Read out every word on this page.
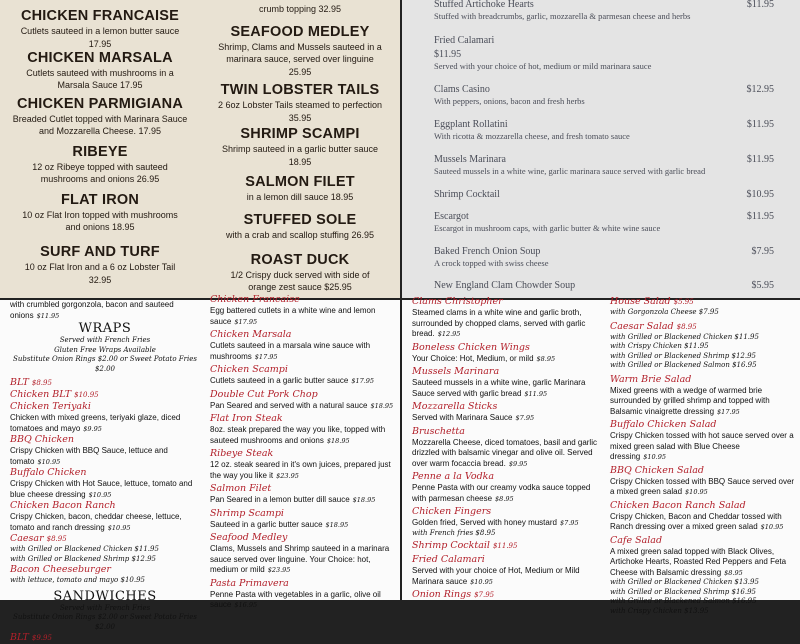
CHICKEN FRANCAISE
Cutlets sauteed in a lemon butter sauce
17.95
CHICKEN MARSALA
Cutlets sauteed with mushrooms in a Marsala Sauce 17.95
CHICKEN PARMIGIANA
Breaded Cutlet topped with Marinara Sauce and Mozzarella Cheese. 17.95
RIBEYE
12 oz Ribeye topped with sauteed mushrooms and onions 26.95
FLAT IRON
10 oz Flat Iron topped with mushrooms and onions 18.95
SURF AND TURF
10 oz Flat Iron and a 6 oz Lobster Tail
32.95
crumb topping 32.95
SEAFOOD MEDLEY
Shrimp, Clams and Mussels sauteed in a marinara sauce, served over linguine
25.95
TWIN LOBSTER TAILS
2 6oz Lobster Tails steamed to perfection
35.95
SHRIMP SCAMPI
Shrimp sauteed in a garlic butter sauce
18.95
SALMON FILET
in a lemon dill sauce 18.95
STUFFED SOLE
with a crab and scallop stuffing 26.95
ROAST DUCK
1/2 Crispy duck served with side of orange zest sauce $25.95
Stuffed Artichoke Hearts
Stuffed with breadcrumbs, garlic, mozzarella & parmesan cheese and herbs
$11.95
Fried Calamari
$11.95
Served with your choice of hot, medium or mild marinara sauce
Clams Casino
With peppers, onions, bacon and fresh herbs
$12.95
Eggplant Rollatini
With ricotta & mozzarella cheese, and fresh tomato sauce
$11.95
Mussels Marinara
Sauteed mussels in a white wine, garlic marinara sauce served with garlic bread
$11.95
Shrimp Cocktail	$10.95
Escargot
Escargot in mushroom caps, with garlic butter & white wine sauce
$11.95
Baked French Onion Soup
A crock topped with swiss cheese
$7.95
New England Clam Chowder Soup	$5.95
with crumbled gorgonzola, bacon and sauteed onions $11.95
WRAPS
Served with French Fries
Gluten Free Wraps Available
Substitute Onion Rings $2.00 or Sweet Potato Fries $2.00
BLT $8.95
Chicken BLT $10.95
Chicken Teriyaki
Chicken with mixed greens, teriyaki glaze, diced tomatoes and mayo $9.95
BBQ Chicken
Crispy Chicken with BBQ Sauce, lettuce and tomato $10.95
Buffalo Chicken
Crispy Chicken with Hot Sauce, lettuce, tomato and blue cheese dressing $10.95
Chicken Bacon Ranch
Crispy Chicken, bacon, cheddar cheese, lettuce, tomato and ranch dressing $10.95
Caesar $8.95
with Grilled or Blackened Chicken $11.95
with Grilled or Blackened Shrimp $12.95
Bacon Cheeseburger
with lettuce, tomato and mayo $10.95
SANDWICHES
Served with French Fries
Substitute Onion Rings $2.00 or Sweet Potato Fries $2.00
BLT $9.95
Chicken Francaise
Egg battered cutlets in a white wine and lemon sauce $17.95
Chicken Marsala
Cutlets sauteed in a marsala wine sauce with mushrooms $17.95
Chicken Scampi
Cutlets sauteed in a garlic butter sauce $17.95
Double Cut Pork Chop
Pan Seared and served with a natural sauce $18.95
Flat Iron Steak
8oz. steak prepared the way you like, topped with sauteed mushrooms and onions $18.95
Ribeye Steak
12 oz. steak seared in it's own juices, prepared just the way you like it $23.95
Salmon Filet
Pan Seared in a lemon butter dill sauce $18.95
Shrimp Scampi
Sauteed in a garlic butter sauce $18.95
Seafood Medley
Clams, Mussels and Shrimp sauteed in a marinara sauce served over linguine. Your Choice: hot, medium or mild $23.95
Pasta Primavera
Penne Pasta with vegetables in a garlic, olive oil sauce $16.95
Clams Christopher
Steamed clams in a white wine and garlic broth, surrounded by chopped clams, served with garlic bread. $12.95
Boneless Chicken Wings
Your Choice: Hot, Medium, or mild $8.95
Mussels Marinara
Sauteed mussels in a white wine, garlic Marinara Sauce served with garlic bread $11.95
Mozzarella Sticks
Served with Marinara Sauce $7.95
Bruschetta
Mozzarella Cheese, diced tomatoes, basil and garlic drizzled with balsamic vinegar and olive oil. Served over warm focaccia bread. $9.95
Penne a la Vodka
Penne Pasta with our creamy vodka sauce topped with parmesan cheese $8.95
Chicken Fingers
Golden fried, Served with honey mustard $7.95
with French fries $8.95
Shrimp Cocktail $11.95
Fried Calamari
Served with your choice of Hot, Medium or Mild Marinara sauce $10.95
Onion Rings $7.95
House Salad $5.95
with Gorgonzola Cheese $7.95
Caesar Salad $8.95
with Grilled or Blackened Chicken $11.95
with Crispy Chicken $11.95
with Grilled or Blackened Shrimp $12.95
with Grilled or Blackened Salmon $16.95
Warm Brie Salad
Mixed greens with a wedge of warmed brie surrounded by grilled shrimp and topped with Balsamic vinaigrette dressing $17.95
Buffalo Chicken Salad
Crispy Chicken tossed with hot sauce served over a mixed green salad with Blue Cheese dressing $10.95
BBQ Chicken Salad
Crispy Chicken tossed with BBQ Sauce served over a mixed green salad $10.95
Chicken Bacon Ranch Salad
Crispy Chicken, Bacon and Cheddar tossed with Ranch dressing over a mixed green salad $10.95
Cafe Salad
A mixed green salad topped with Black Olives, Artichoke Hearts, Roasted Red Peppers and Feta Cheese with Balsamic dressing $8.95
with Grilled or Blackened Chicken $13.95
with Grilled or Blackened Shrimp $16.95
with Grilled or Blackened Salmon $16.95
with Crispy Chicken $13.95
